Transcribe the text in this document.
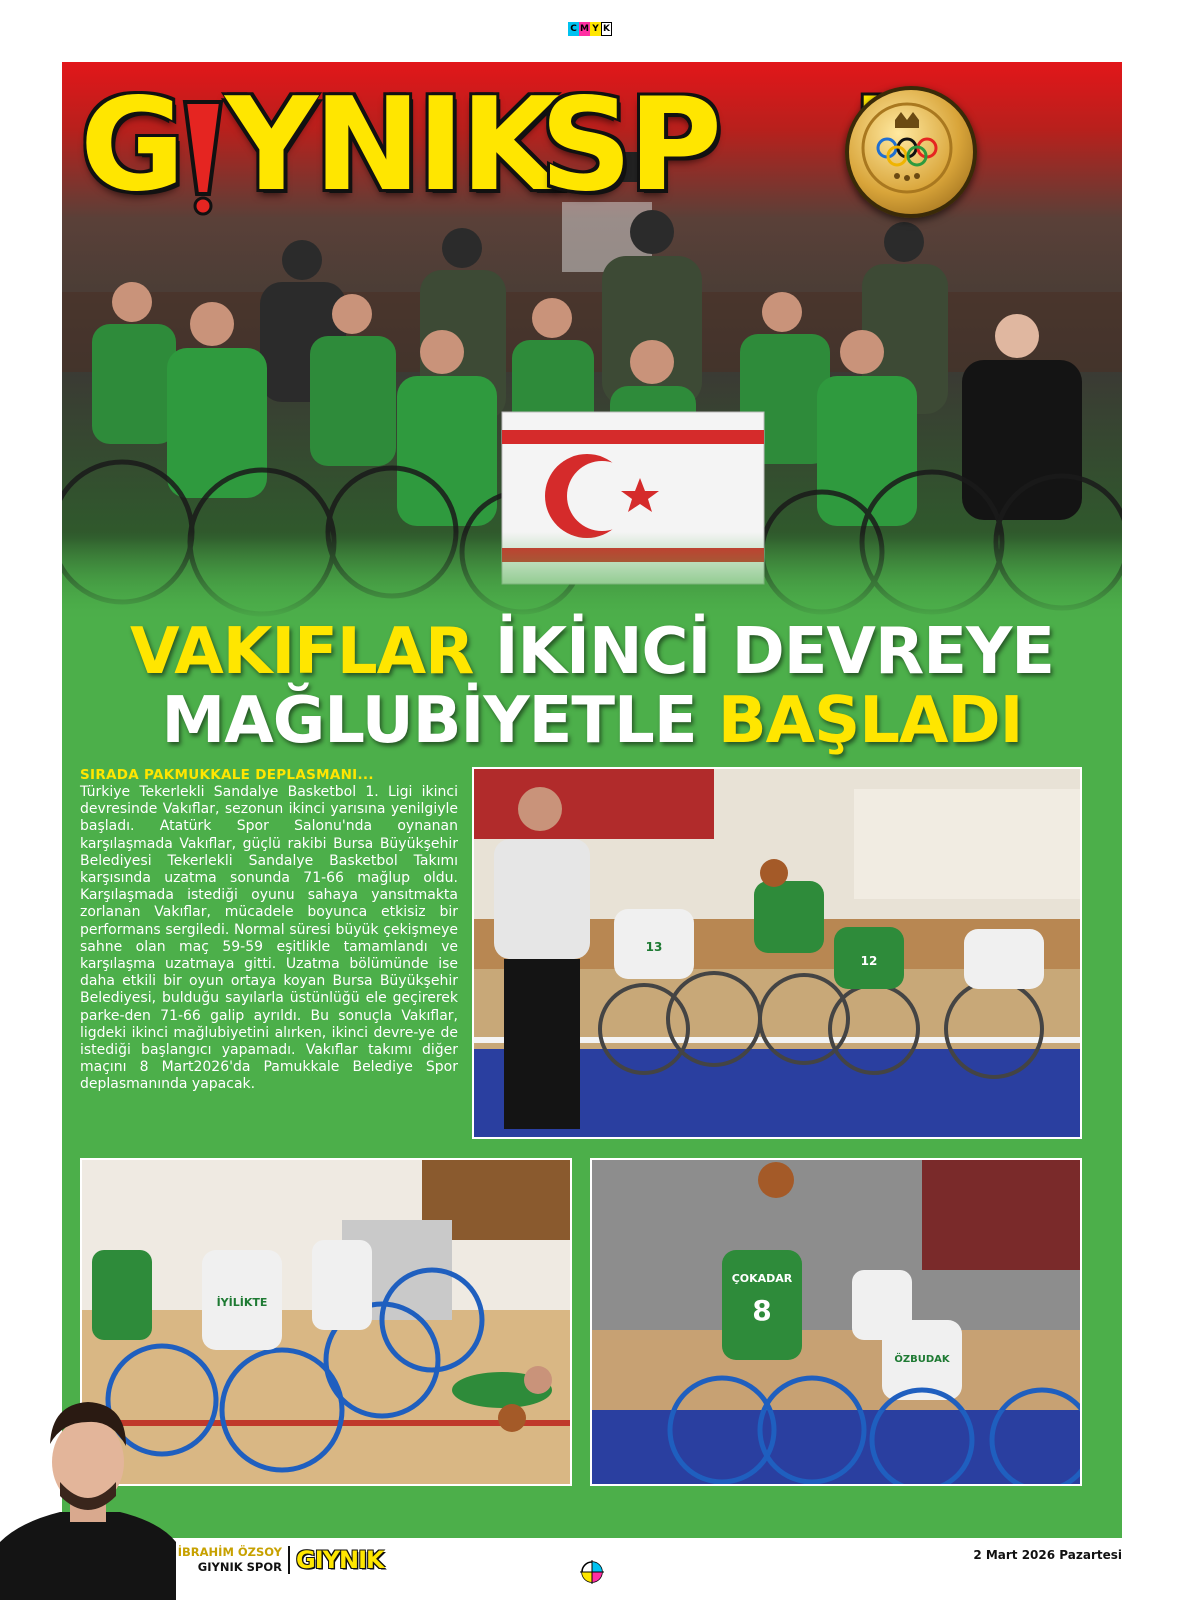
C M Y K
G YNIK
SP
VAKIFLAR İKİNCİ DEVREYE
MAĞLUBİYETLE BAŞLADI
SIRADA PAKMUKKALE DEPLASMANI...
Türkiye Tekerlekli Sandalye Basketbol 1. Ligi ikinci devresinde Vakıflar, sezonun ikinci yarısına yenilgiyle başladı. Atatürk Spor Salonu'nda oynanan karşılaşmada Vakıflar, güçlü rakibi Bursa Büyükşehir Belediyesi Tekerlekli Sandalye Basketbol Takımı karşısında uzatma sonunda 71-66 mağlup oldu. Karşılaşmada istediği oyunu sahaya yansıtmakta zorlanan Vakıflar, mücadele boyunca etkisiz bir performans sergiledi. Normal süresi büyük çekişmeye sahne olan maç 59-59 eşitlikle tamamlandı ve karşılaşma uzatmaya gitti. Uzatma bölümünde ise daha etkili bir oyun ortaya koyan Bursa Büyükşehir Belediyesi, bulduğu sayılarla üstünlüğü ele geçirerek parke-den 71-66 galip ayrıldı. Bu sonuçla Vakıflar, ligdeki ikinci mağlubiyetini alırken, ikinci devre-ye de istediği başlangıcı yapamadı. Vakıflar takımı diğer maçını 8 Mart2026'da Pamukkale Belediye Spor deplasmanında yapacak.
13
12
İYİLİKTE
ÇOKADAR
8
ÖZBUDAK
İBRAHİM ÖZSOY
GIYNIK SPOR GIYNIK	2 Mart 2026 Pazartesi
